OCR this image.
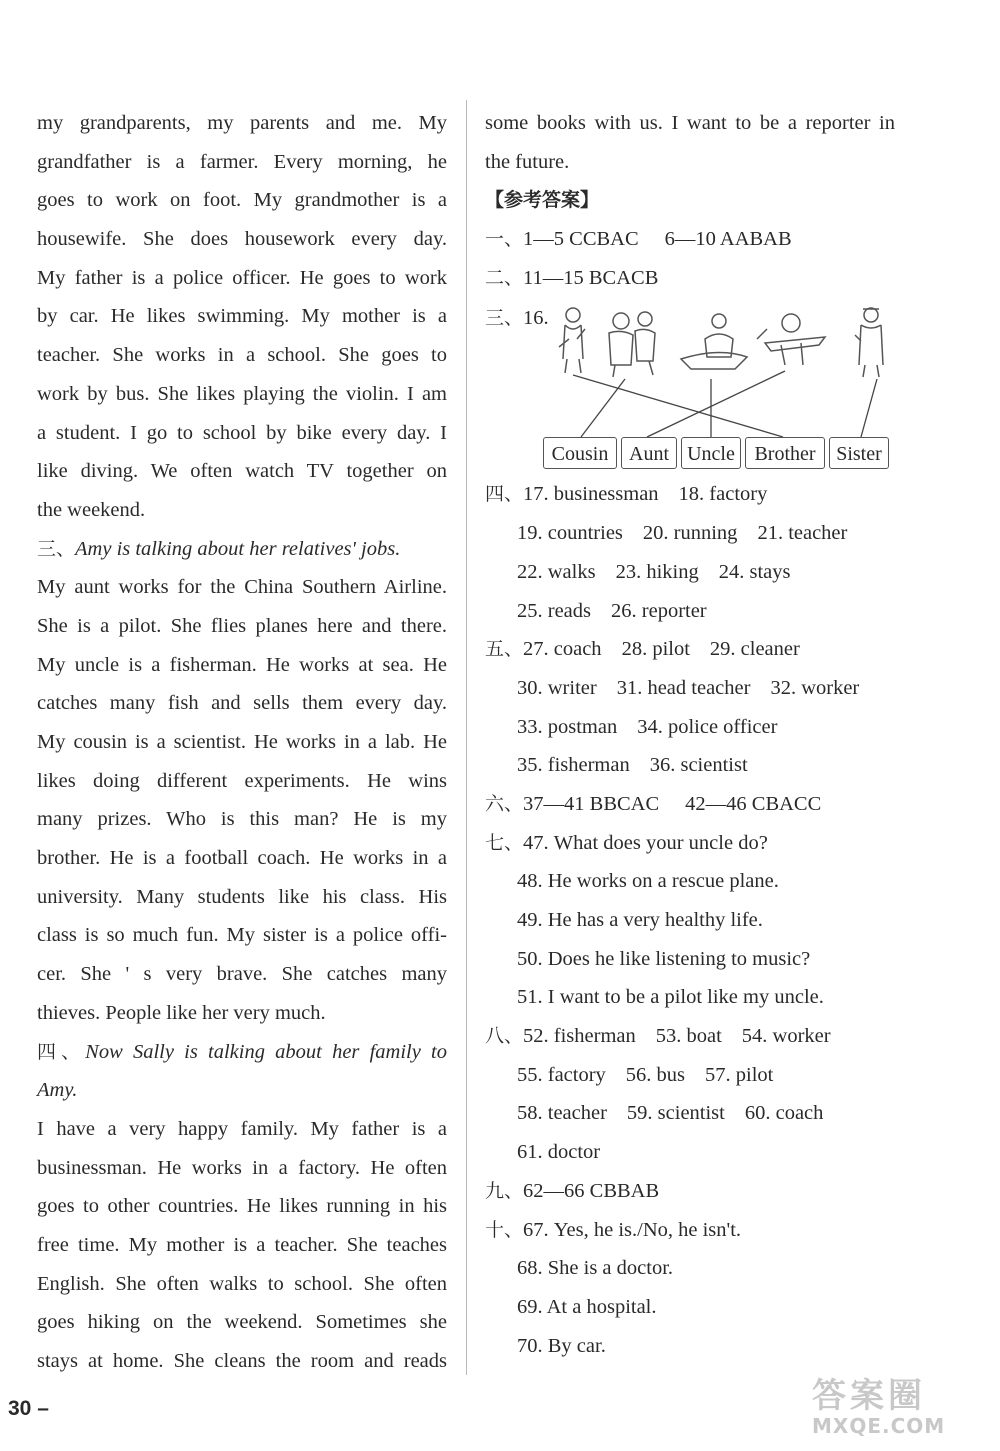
my grandparents, my parents and me. My
grandfather is a farmer. Every morning, he
goes to work on foot. My grandmother is a
housewife. She does housework every day.
My father is a police officer. He goes to work
by car. He likes swimming. My mother is a
teacher. She works in a school. She goes to
work by bus. She likes playing the violin. I am
a student. I go to school by bike every day. I
like diving. We often watch TV together on
the weekend.
三、Amy is talking about her relatives' jobs.
My aunt works for the China Southern Airline.
She is a pilot. She flies planes here and there.
My uncle is a fisherman. He works at sea. He
catches many fish and sells them every day.
My cousin is a scientist. He works in a lab. He
likes doing different experiments. He wins
many prizes. Who is this man? He is my
brother. He is a football coach. He works in a
university. Many students like his class. His
class is so much fun. My sister is a police offi-
cer. She ' s very brave. She catches many
thieves. People like her very much.
四、Now Sally is talking about her family to
Amy.
I have a very happy family. My father is a
businessman. He works in a factory. He often
goes to other countries. He likes running in his
free time. My mother is a teacher. She teaches
English. She often walks to school. She often
goes hiking on the weekend. Sometimes she
stays at home. She cleans the room and reads
some books with us. I want to be a reporter in
the future.
【参考答案】
一、1—5 CCBAC 6—10 AABAB
二、11—15 BCACB
三、16.
Cousin	Aunt Uncle Brother	Sister
四、17. businessman 18. factory
19. countries 20. running 21. teacher
22. walks 23. hiking 24. stays
25. reads 26. reporter
五、27. coach 28. pilot 29. cleaner
30. writer 31. head teacher 32. worker
33. postman 34. police officer
35. fisherman 36. scientist
六、37—41 BBCAC 42—46 CBACC
七、47. What does your uncle do?
48. He works on a rescue plane.
49. He has a very healthy life.
50. Does he like listening to music?
51. I want to be a pilot like my uncle.
八、52. fisherman 53. boat 54. worker
55. factory 56. bus 57. pilot
58. teacher 59. scientist 60. coach
61. doctor
九、62—66 CBBAB
十、67. Yes, he is./No, he isn't.
68. She is a doctor.
69. At a hospital.
70. By car.
30 –	答案圈
MXQE.COM
